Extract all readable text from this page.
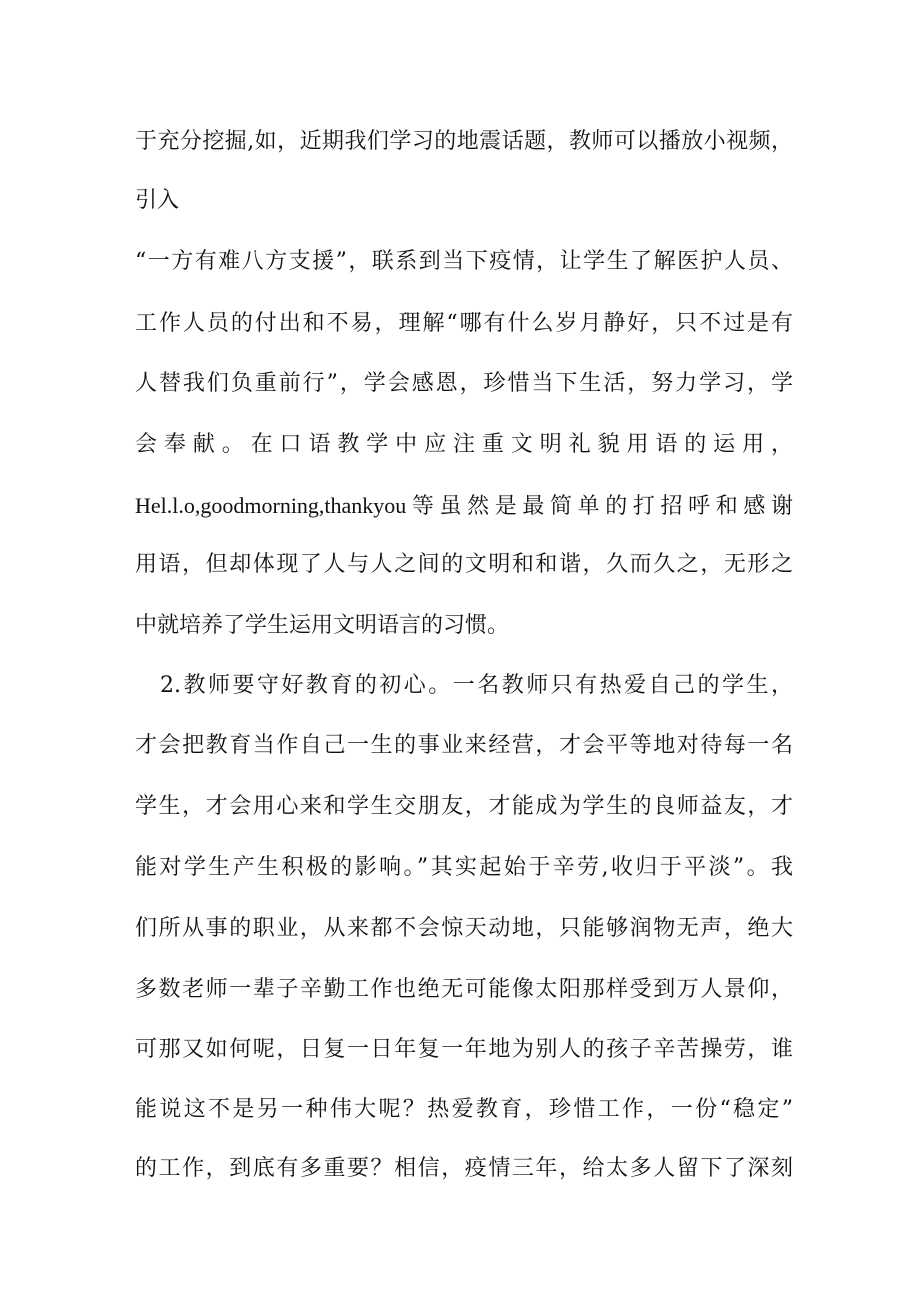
于充分挖掘,如，近期我们学习的地震话题，教师可以播放小视频，
引入
“一方有难八方支援”，联系到当下疫情，让学生了解医护人员、
工作人员的付出和不易，理解“哪有什么岁月静好，只不过是有
人替我们负重前行”，学会感恩，珍惜当下生活，努力学习，学
会奉献。在口语教学中应注重文明礼貌用语的运用，
Hel.l.o,goodmorning,thankyou等虽然是最简单的打招呼和感谢
用语，但却体现了人与人之间的文明和和谐，久而久之，无形之
中就培养了学生运用文明语言的习惯。
2.教师要守好教育的初心。一名教师只有热爱自己的学生，
才会把教育当作自己一生的事业来经营，才会平等地对待每一名
学生，才会用心来和学生交朋友，才能成为学生的良师益友，才
能对学生产生积极的影响。”其实起始于辛劳,收归于平淡”。我
们所从事的职业，从来都不会惊天动地，只能够润物无声，绝大
多数老师一辈子辛勤工作也绝无可能像太阳那样受到万人景仰，
可那又如何呢，日复一日年复一年地为别人的孩子辛苦操劳，谁
能说这不是另一种伟大呢？热爱教育，珍惜工作，一份“稳定”
的工作，到底有多重要？相信，疫情三年，给太多人留下了深刻
